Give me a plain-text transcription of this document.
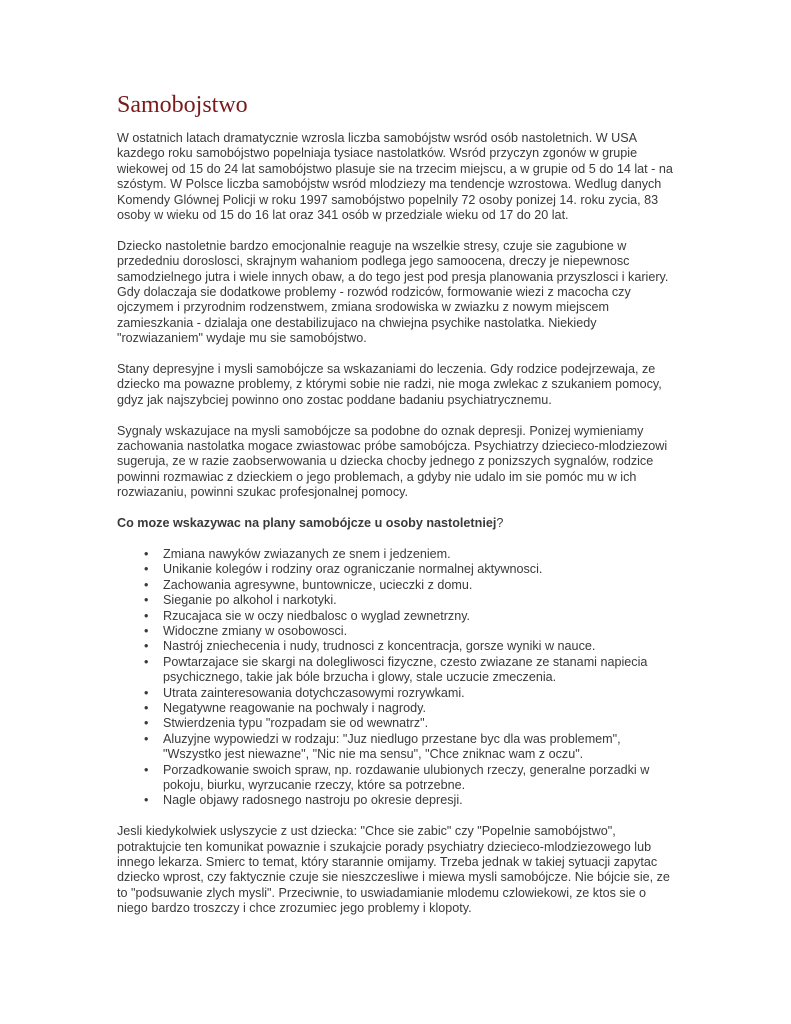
Samobojstwo

W ostatnich latach dramatycznie wzrosla liczba samobójstw wsród osób nastoletnich. W USA kazdego roku samobójstwo popelniaja tysiace nastolatków. Wsród przyczyn zgonów w grupie wiekowej od 15 do 24 lat samobójstwo plasuje sie na trzecim miejscu, a w grupie od 5 do 14 lat - na szóstym. W Polsce liczba samobójstw wsród mlodziezy ma tendencje wzrostowa. Wedlug danych Komendy Glównej Policji w roku 1997 samobójstwo popelnily 72 osoby ponizej 14. roku zycia, 83 osoby w wieku od 15 do 16 lat oraz 341 osób w przedziale wieku od 17 do 20 lat.

Dziecko nastoletnie bardzo emocjonalnie reaguje na wszelkie stresy, czuje sie zagubione w przededniu doroslosci, skrajnym wahaniom podlega jego samoocena, dreczy je niepewnosc samodzielnego jutra i wiele innych obaw, a do tego jest pod presja planowania przyszlosci i kariery. Gdy dolaczaja sie dodatkowe problemy - rozwód rodziców, formowanie wiezi z macocha czy ojczymem i przyrodnim rodzenstwem, zmiana srodowiska w zwiazku z nowym miejscem zamieszkania - dzialaja one destabilizujaco na chwiejna psychike nastolatka. Niekiedy "rozwiazaniem" wydaje mu sie samobójstwo.

Stany depresyjne i mysli samobójcze sa wskazaniami do leczenia. Gdy rodzice podejrzewaja, ze dziecko ma powazne problemy, z którymi sobie nie radzi, nie moga zwlekac z szukaniem pomocy, gdyz jak najszybciej powinno ono zostac poddane badaniu psychiatrycznemu.

Sygnaly wskazujace na mysli samobójcze sa podobne do oznak depresji. Ponizej wymieniamy zachowania nastolatka mogace zwiastowac próbe samobójcza. Psychiatrzy dziecieco-mlodziezowi sugeruja, ze w razie zaobserwowania u dziecka chocby jednego z ponizszych sygnalów, rodzice powinni rozmawiac z dzieckiem o jego problemach, a gdyby nie udalo im sie pomóc mu w ich rozwiazaniu, powinni szukac profesjonalnej pomocy.

Co moze wskazywac na plany samobójcze u osoby nastoletniej?

• Zmiana nawyków zwiazanych ze snem i jedzeniem.
• Unikanie kolegów i rodziny oraz ograniczanie normalnej aktywnosci.
• Zachowania agresywne, buntownicze, ucieczki z domu.
• Sieganie po alkohol i narkotyki.
• Rzucajaca sie w oczy niedbalosc o wyglad zewnetrzny.
• Widoczne zmiany w osobowosci.
• Nastrój zniechecenia i nudy, trudnosci z koncentracja, gorsze wyniki w nauce.
• Powtarzajace sie skargi na dolegliwosci fizyczne, czesto zwiazane ze stanami napiecia psychicznego, takie jak bóle brzucha i glowy, stale uczucie zmeczenia.
• Utrata zainteresowania dotychczasowymi rozrywkami.
• Negatywne reagowanie na pochwaly i nagrody.
• Stwierdzenia typu "rozpadam sie od wewnatrz".
• Aluzyjne wypowiedzi w rodzaju: "Juz niedlugo przestane byc dla was problemem", "Wszystko jest niewazne", "Nic nie ma sensu", "Chce zniknac wam z oczu".
• Porzadkowanie swoich spraw, np. rozdawanie ulubionych rzeczy, generalne porzadki w pokoju, biurku, wyrzucanie rzeczy, które sa potrzebne.
• Nagle objawy radosnego nastroju po okresie depresji.

Jesli kiedykolwiek uslyszycie z ust dziecka: "Chce sie zabic" czy "Popelnie samobójstwo", potraktujcie ten komunikat powaznie i szukajcie porady psychiatry dziecieco-mlodziezowego lub innego lekarza. Smierc to temat, który starannie omijamy. Trzeba jednak w takiej sytuacji zapytac dziecko wprost, czy faktycznie czuje sie nieszczesliwe i miewa mysli samobójcze. Nie bójcie sie, ze to "podsuwanie zlych mysli". Przeciwnie, to uswiadamianie mlodemu czlowiekowi, ze ktos sie o niego bardzo troszczy i chce zrozumiec jego problemy i klopoty.
